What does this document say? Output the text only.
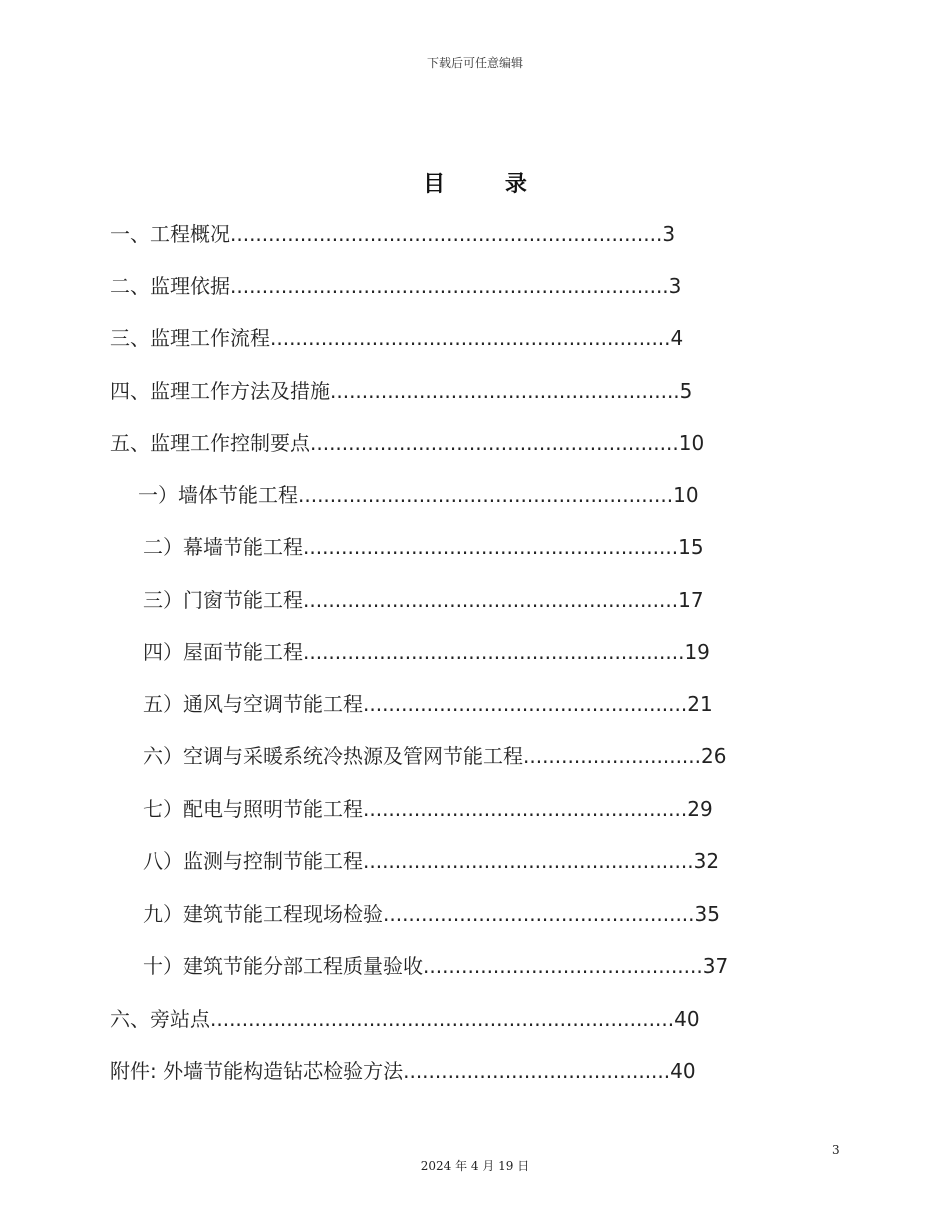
下载后可任意编辑
目 录
一、工程概况....................................................................3
二、监理依据.....................................................................3
三、监理工作流程...............................................................4
四、监理工作方法及措施.......................................................5
五、监理工作控制要点..........................................................10
一）墙体节能工程...........................................................10
二）幕墙节能工程...........................................................15
三）门窗节能工程...........................................................17
四）屋面节能工程............................................................19
五）通风与空调节能工程...................................................21
六）空调与采暖系统冷热源及管网节能工程............................26
七）配电与照明节能工程...................................................29
八）监测与控制节能工程....................................................32
九）建筑节能工程现场检验.................................................35
十）建筑节能分部工程质量验收............................................37
六、旁站点.........................................................................40
附件: 外墙节能构造钻芯检验方法..........................................40
3
2024 年 4 月 19 日
